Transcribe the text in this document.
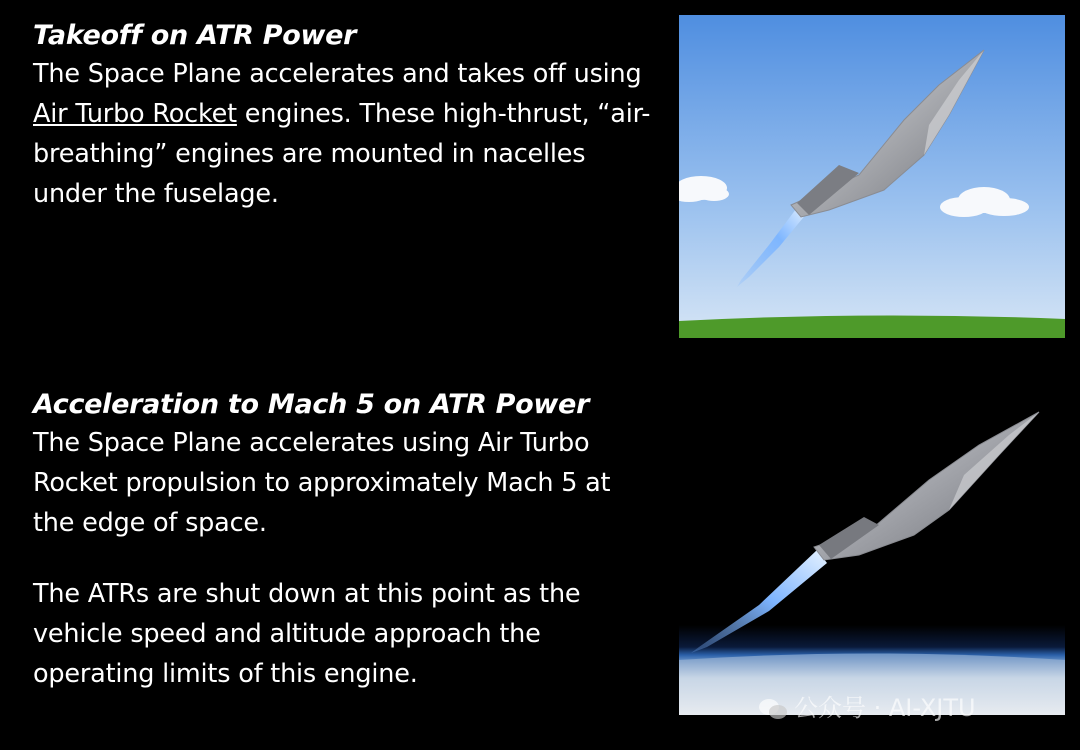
Takeoff on ATR Power

The Space Plane accelerates and takes off using Air Turbo Rocket engines. These high-thrust, “air-breathing” engines are mounted in nacelles under the fuselage.

Acceleration to Mach 5 on ATR Power

The Space Plane accelerates using Air Turbo Rocket propulsion to approximately Mach 5 at the edge of space.

The ATRs are shut down at this point as the vehicle speed and altitude approach the operating limits of this engine.

公众号 · AI-XJTU
